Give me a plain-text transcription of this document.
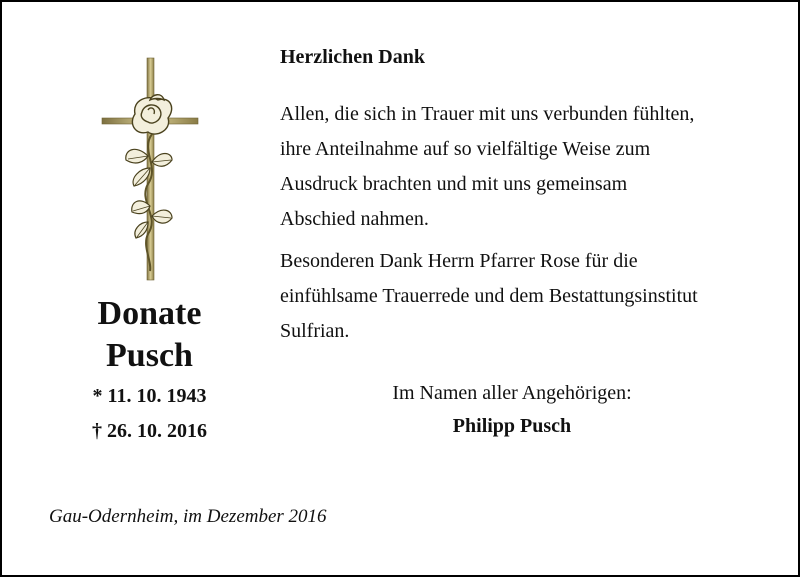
Donate
Pusch
* 11. 10. 1943
† 26. 10. 2016
Herzlichen Dank
Allen, die sich in Trauer mit uns verbunden fühlten,
ihre Anteilnahme auf so vielfältige Weise zum
Ausdruck brachten und mit uns gemeinsam
Abschied nahmen.
Besonderen Dank Herrn Pfarrer Rose für die
einfühlsame Trauerrede und dem Bestattungsinstitut
Sulfrian.
Im Namen aller Angehörigen:
Philipp Pusch
Gau-Odernheim, im Dezember 2016
